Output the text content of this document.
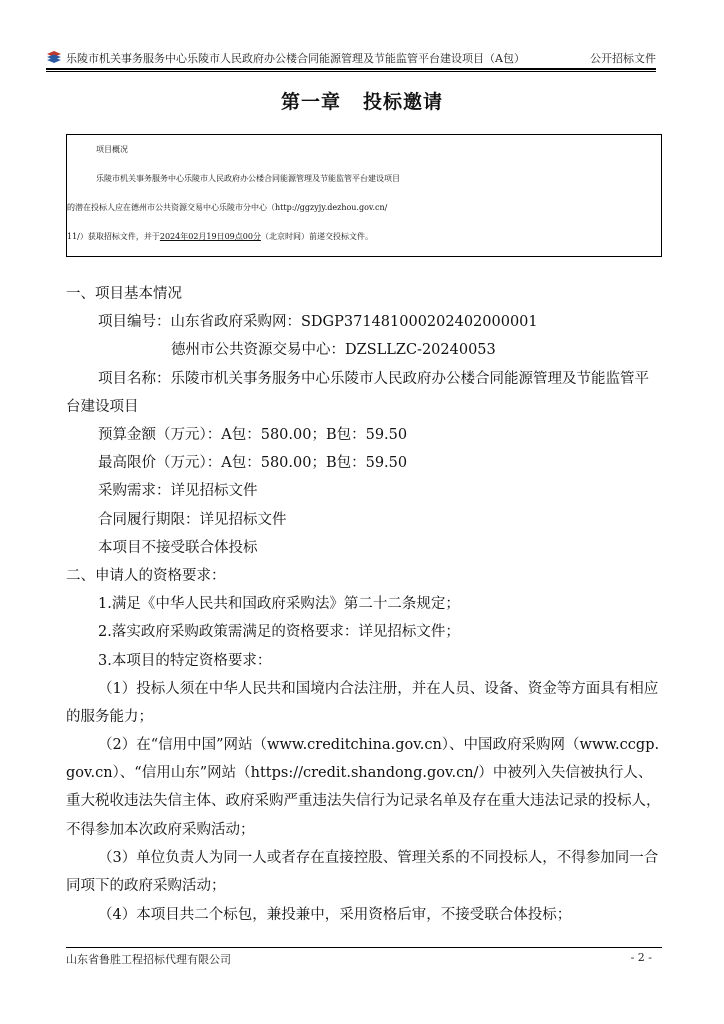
乐陵市机关事务服务中心乐陵市人民政府办公楼合同能源管理及节能监管平台建设项目（A包）	公开招标文件
第一章 投标邀请

项目概况

乐陵市机关事务服务中心乐陵市人民政府办公楼合同能源管理及节能监管平台建设项目

的潜在投标人应在德州市公共资源交易中心乐陵市分中心（http://ggzyjy.dezhou.gov.cn/

11/）获取招标文件，并于2024年02月19日09点00分（北京时间）前递交投标文件。

一、项目基本情况
项目编号：山东省政府采购网：SDGP371481000202402000001
德州市公共资源交易中心：DZSLLZC-20240053
项目名称：乐陵市机关事务服务中心乐陵市人民政府办公楼合同能源管理及节能监管平
台建设项目
预算金额（万元）：A包：580.00；B包：59.50
最高限价（万元）：A包：580.00；B包：59.50
采购需求：详见招标文件
合同履行期限：详见招标文件
本项目不接受联合体投标
二、申请人的资格要求：
1.满足《中华人民共和国政府采购法》第二十二条规定；
2.落实政府采购政策需满足的资格要求：详见招标文件；
3.本项目的特定资格要求：
（1）投标人须在中华人民共和国境内合法注册，并在人员、设备、资金等方面具有相应
的服务能力；
（2）在“信用中国”网站（www.creditchina.gov.cn）、中国政府采购网（www.ccgp.
gov.cn）、“信用山东”网站（https://credit.shandong.gov.cn/）中被列入失信被执行人、
重大税收违法失信主体、政府采购严重违法失信行为记录名单及存在重大违法记录的投标人，
不得参加本次政府采购活动；
（3）单位负责人为同一人或者存在直接控股、管理关系的不同投标人，不得参加同一合
同项下的政府采购活动；
（4）本项目共二个标包，兼投兼中，采用资格后审，不接受联合体投标；
山东省鲁胜工程招标代理有限公司	- 2 -
